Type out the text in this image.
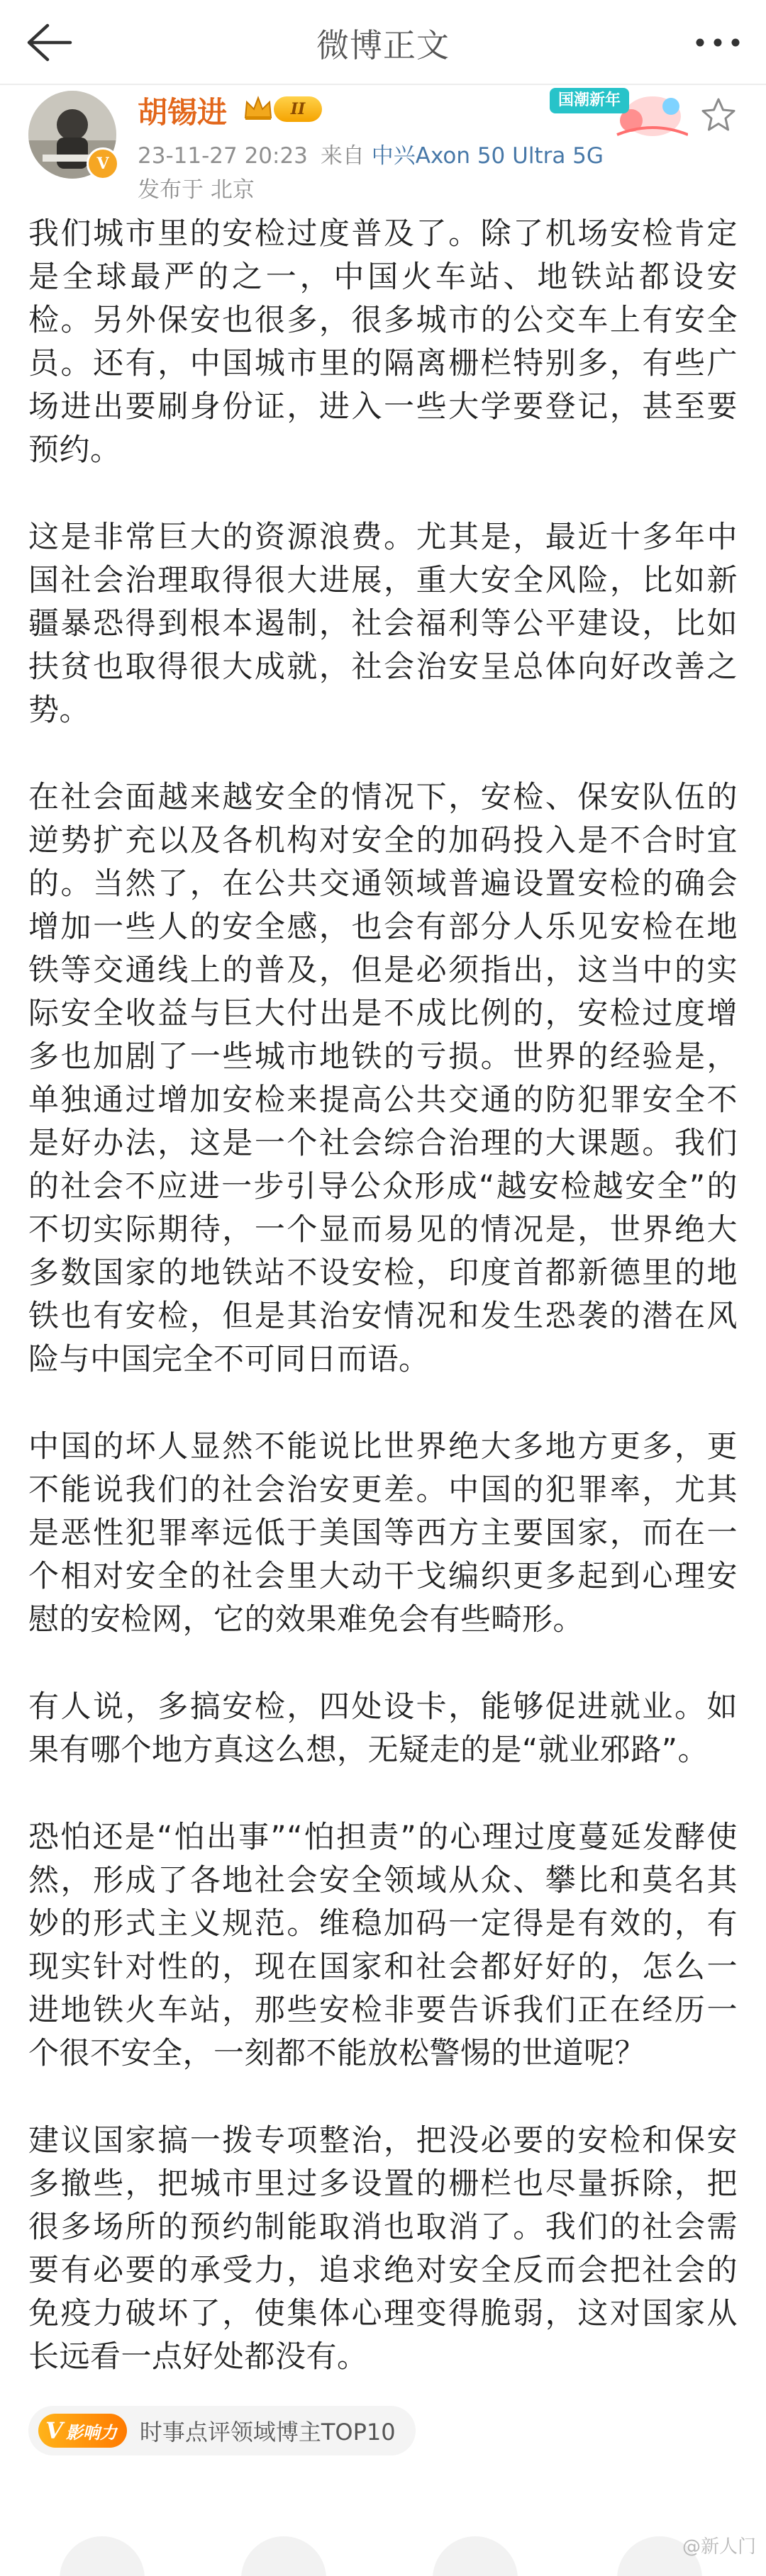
微博正文
V
胡锡进	II
23-11-27 20:23 来自 中兴Axon 50 Ultra 5G
发布于 北京
国潮新年

我们城市里的安检过度普及了。除了机场安检肯定是全球最严的之一，中国火车站、地铁站都设安检。另外保安也很多，很多城市的公交车上有安全员。还有，中国城市里的隔离栅栏特别多，有些广场进出要刷身份证，进入一些大学要登记，甚至要预约。

这是非常巨大的资源浪费。尤其是，最近十多年中国社会治理取得很大进展，重大安全风险，比如新疆暴恐得到根本遏制，社会福利等公平建设，比如扶贫也取得很大成就，社会治安呈总体向好改善之势。

在社会面越来越安全的情况下，安检、保安队伍的逆势扩充以及各机构对安全的加码投入是不合时宜的。当然了，在公共交通领域普遍设置安检的确会增加一些人的安全感，也会有部分人乐见安检在地铁等交通线上的普及，但是必须指出，这当中的实际安全收益与巨大付出是不成比例的，安检过度增多也加剧了一些城市地铁的亏损。世界的经验是，单独通过增加安检来提高公共交通的防犯罪安全不是好办法，这是一个社会综合治理的大课题。我们的社会不应进一步引导公众形成“越安检越安全”的不切实际期待，一个显而易见的情况是，世界绝大多数国家的地铁站不设安检，印度首都新德里的地铁也有安检，但是其治安情况和发生恐袭的潜在风险与中国完全不可同日而语。

中国的坏人显然不能说比世界绝大多地方更多，更不能说我们的社会治安更差。中国的犯罪率，尤其是恶性犯罪率远低于美国等西方主要国家，而在一个相对安全的社会里大动干戈编织更多起到心理安慰的安检网，它的效果难免会有些畸形。

有人说，多搞安检，四处设卡，能够促进就业。如果有哪个地方真这么想，无疑走的是“就业邪路”。

恐怕还是“怕出事”“怕担责”的心理过度蔓延发酵使然，形成了各地社会安全领域从众、攀比和莫名其妙的形式主义规范。维稳加码一定得是有效的，有现实针对性的，现在国家和社会都好好的，怎么一进地铁火车站，那些安检非要告诉我们正在经历一个很不安全，一刻都不能放松警惕的世道呢？

建议国家搞一拨专项整治，把没必要的安检和保安多撤些，把城市里过多设置的栅栏也尽量拆除，把很多场所的预约制能取消也取消了。我们的社会需要有必要的承受力，追求绝对安全反而会把社会的免疫力破坏了，使集体心理变得脆弱，这对国家从长远看一点好处都没有。

V 影响力 时事点评领域博主TOP10
@新人门
